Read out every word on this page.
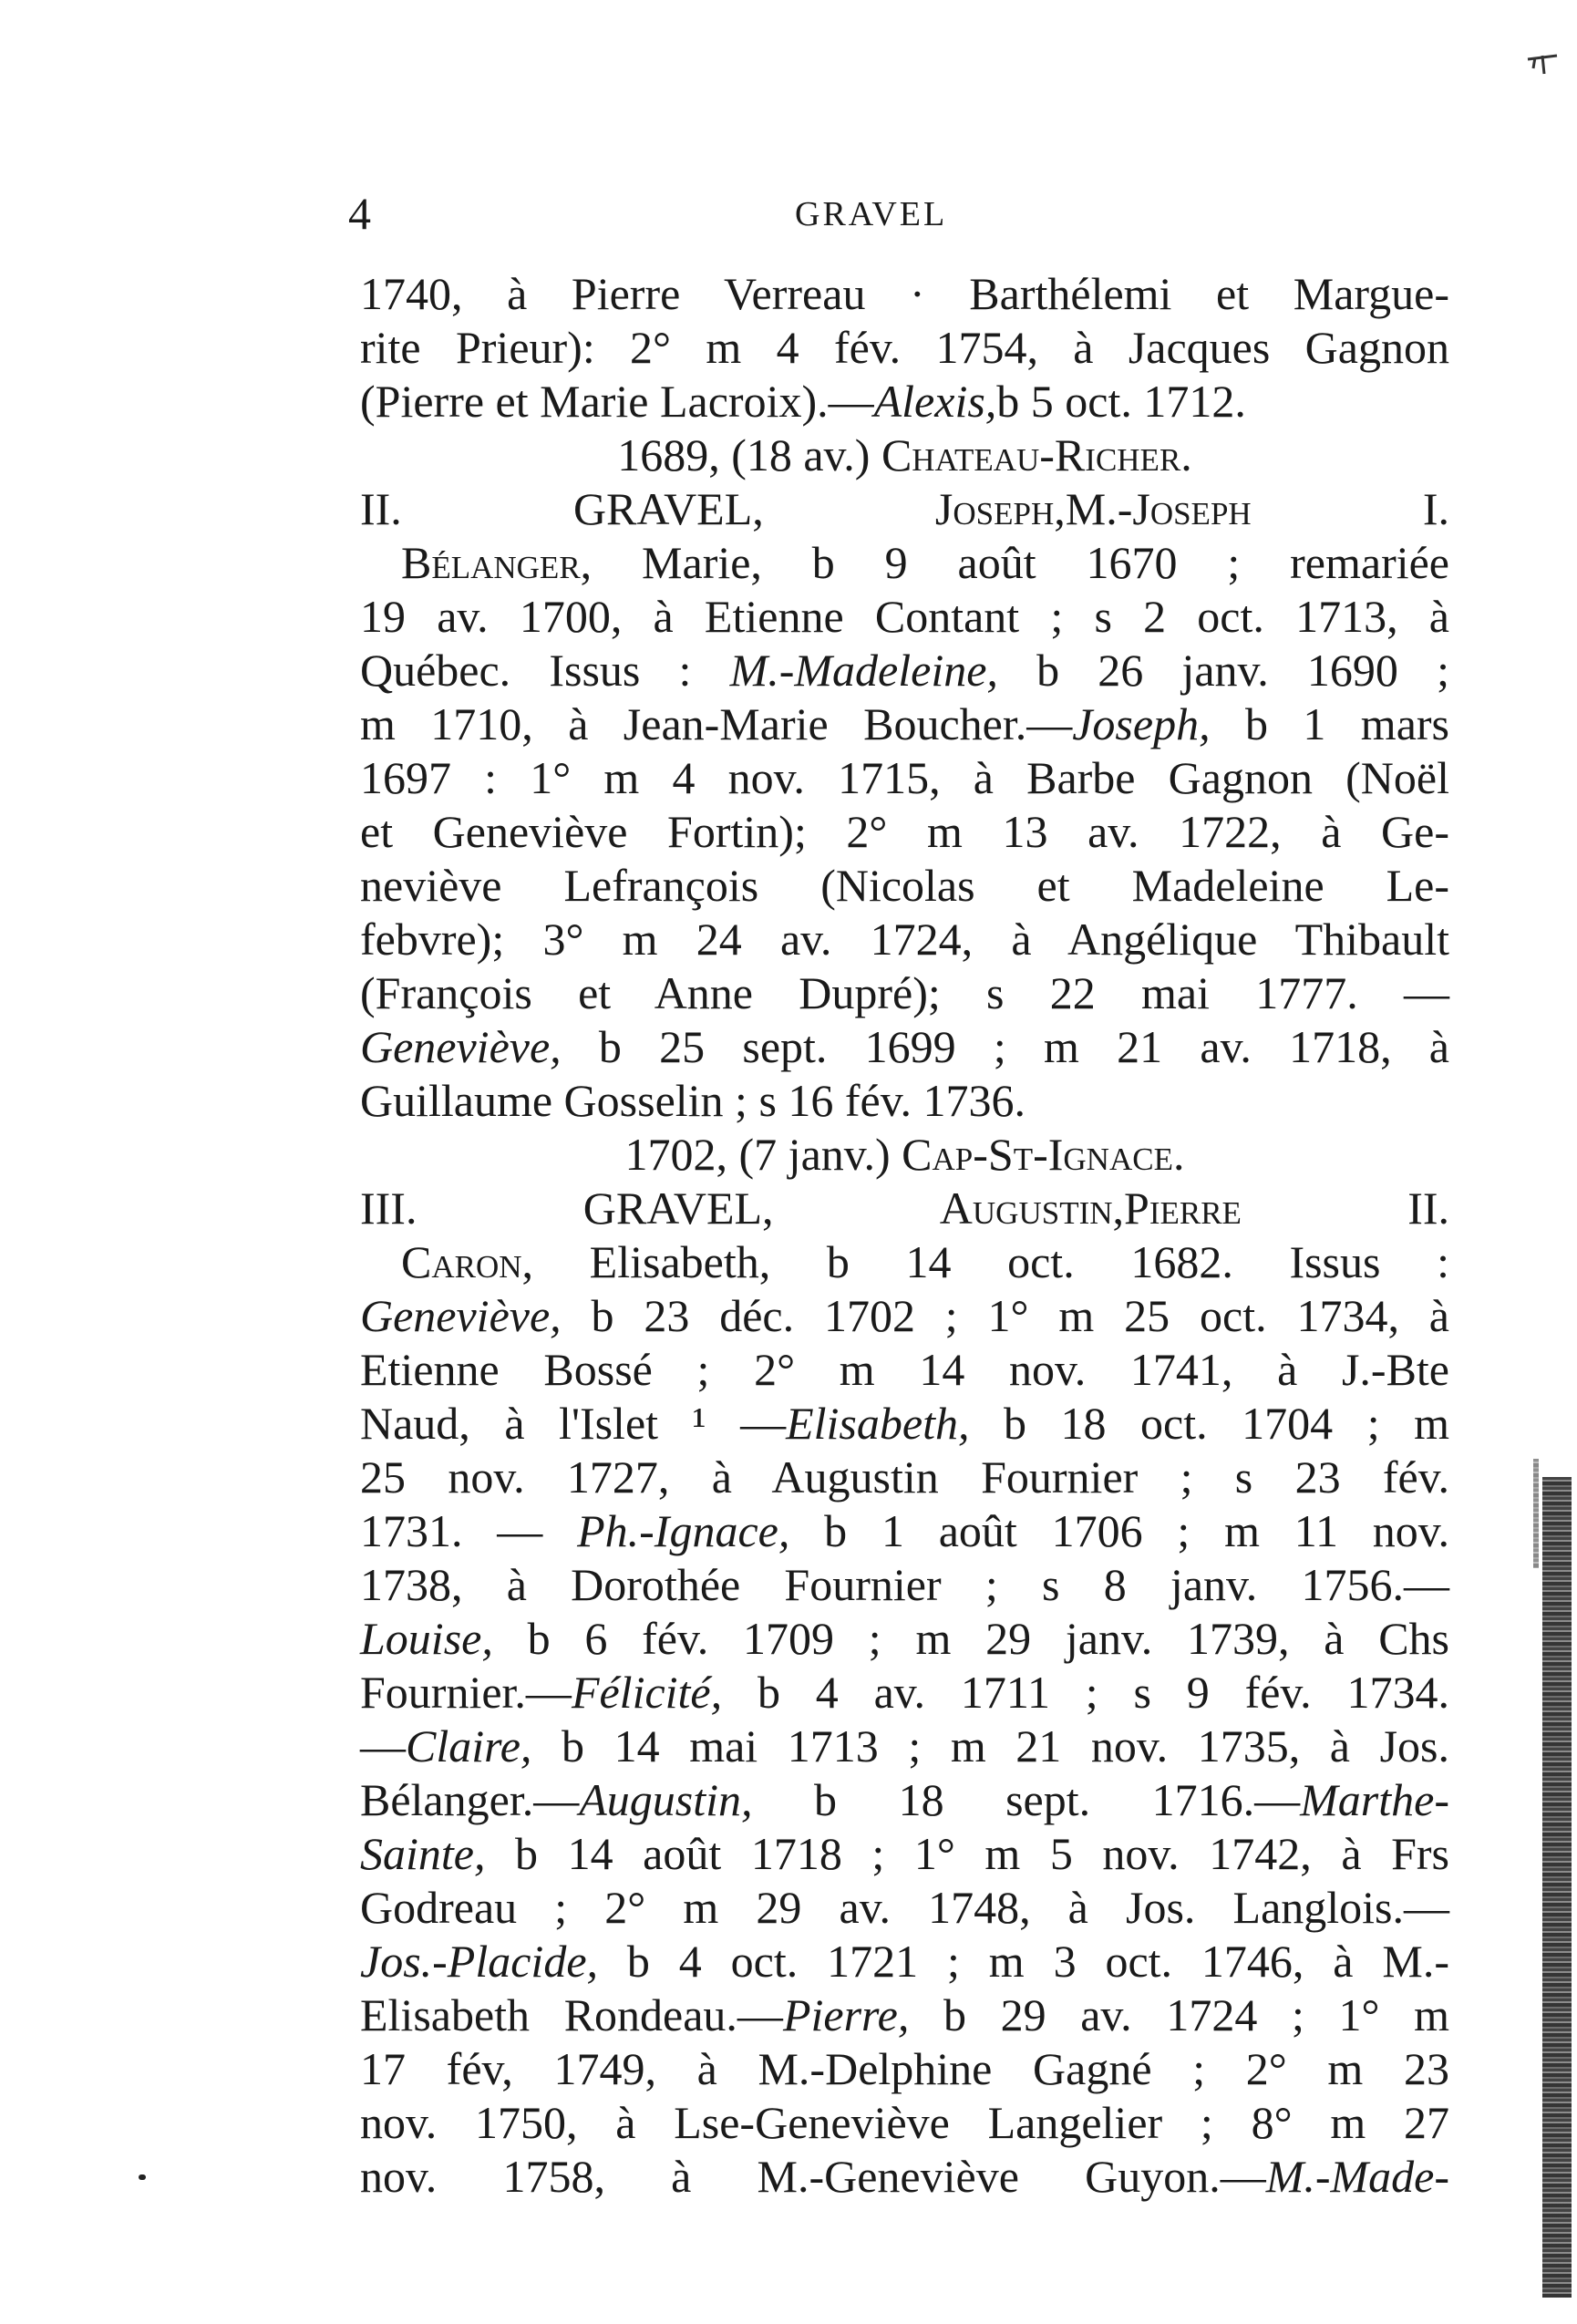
4	GRAVEL
1740, à Pierre Verreau · Barthélemi et Margue-
rite Prieur): 2° m 4 fév. 1754, à Jacques Gagnon
(Pierre et Marie Lacroix).—Alexis,b 5 oct. 1712.
1689, (18 av.) Chateau-Richer.
II. GRAVEL, Joseph,M.-Joseph I.
Bélanger, Marie, b 9 août 1670 ; remariée
19 av. 1700, à Etienne Contant ; s 2 oct. 1713, à
Québec. Issus : M.-Madeleine, b 26 janv. 1690 ;
m 1710, à Jean-Marie Boucher.—Joseph, b 1 mars
1697 : 1° m 4 nov. 1715, à Barbe Gagnon (Noël
et Geneviève Fortin); 2° m 13 av. 1722, à Ge-
neviève Lefrançois (Nicolas et Madeleine Le-
febvre); 3° m 24 av. 1724, à Angélique Thibault
(François et Anne Dupré); s 22 mai 1777. —
Geneviève, b 25 sept. 1699 ; m 21 av. 1718, à
Guillaume Gosselin ; s 16 fév. 1736.
1702, (7 janv.) Cap-St-Ignace.
III. GRAVEL, Augustin,Pierre II.
Caron, Elisabeth, b 14 oct. 1682. Issus :
Geneviève, b 23 déc. 1702 ; 1° m 25 oct. 1734, à
Etienne Bossé ; 2° m 14 nov. 1741, à J.-Bte
Naud, à l'Islet ¹ —Elisabeth, b 18 oct. 1704 ; m
25 nov. 1727, à Augustin Fournier ; s 23 fév.
1731. — Ph.-Ignace, b 1 août 1706 ; m 11 nov.
1738, à Dorothée Fournier ; s 8 janv. 1756.—
Louise, b 6 fév. 1709 ; m 29 janv. 1739, à Chs
Fournier.—Félicité, b 4 av. 1711 ; s 9 fév. 1734.
—Claire, b 14 mai 1713 ; m 21 nov. 1735, à Jos.
Bélanger.—Augustin, b 18 sept. 1716.—Marthe-
Sainte, b 14 août 1718 ; 1° m 5 nov. 1742, à Frs
Godreau ; 2° m 29 av. 1748, à Jos. Langlois.—
Jos.-Placide, b 4 oct. 1721 ; m 3 oct. 1746, à M.-
Elisabeth Rondeau.—Pierre, b 29 av. 1724 ; 1° m
17 fév, 1749, à M.-Delphine Gagné ; 2° m 23
nov. 1750, à Lse-Geneviève Langelier ; 8° m 27
nov. 1758, à M.-Geneviève Guyon.—M.-Made-
